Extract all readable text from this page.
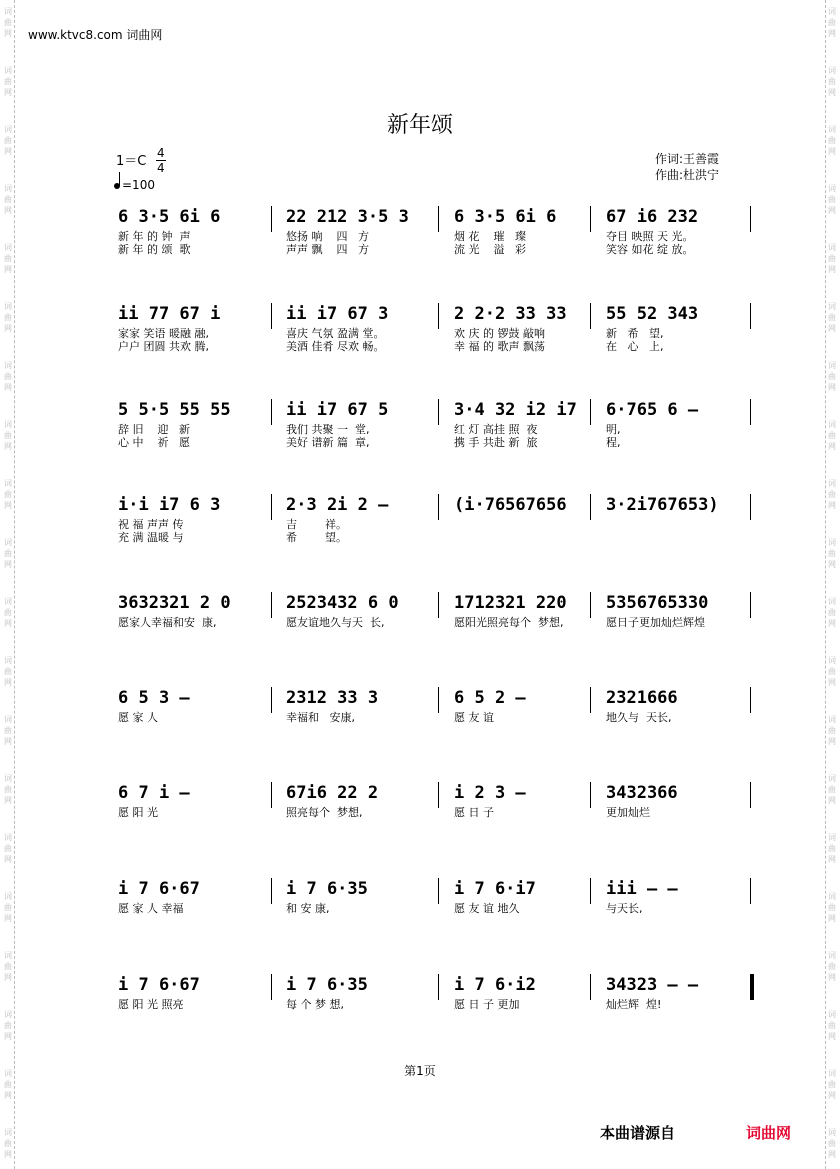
词
曲
网
词
曲
网
词
曲
网
词
曲
网
词
曲
网
词
曲
网
词
曲
网
词
曲
网
词
曲
网
词
曲
网
词
曲
网
词
曲
网
词
曲
网
词
曲
网
词
曲
网
词
曲
网
词
曲
网
词
曲
网
词
曲
网
词
曲
网
词
曲
网
词
曲
网
词
曲
网
词
曲
网
词
曲
网
词
曲
网
词
曲
网
词
曲
网
词
曲
网
词
曲
网
词
曲
网
词
曲
网
词
曲
网
词
曲
网
词
曲
网
词
曲
网
词
曲
网
词
曲
网
词
曲
网
词
曲
网
www.ktvc8.com 词曲网
新年颂
1＝C
4
4
=100
作词:王善霞
作曲:杜洪宁
6 3·5 6i 6
新 年 的 钟  声
新 年 的 颂  歌
22 212 3·5 3
悠扬 响    四   方
声声 飘    四   方
6 3·5 6i 6
烟 花    璀   璨
流 光    溢   彩
67 i6 232
夺目 映照 天 光。
笑容 如花 绽 放。
ii 77 67 i
家家 笑语 暖融 融,
户户 团圆 共欢 腾,
ii i7 67 3
喜庆 气氛 盈满 堂。
美酒 佳肴 尽欢 畅。
2 2·2 33 33
欢 庆 的 锣鼓 敲响
幸 福 的 歌声 飘荡
55 52 343
新   希   望,
在   心   上,
5 5·5 55 55
辞 旧    迎   新
心 中    祈   愿
ii i7 67 5
我们 共聚 一  堂,
美好 谱新 篇  章,
3·4 32 i2 i7
红 灯 高挂 照  夜
携 手 共赴 新  旅
6·765 6 –
明,
程,
i·i i7 6 3
祝 福 声声 传
充 满 温暖 与
2·3 2i 2 –
吉        祥。
希        望。
(i·76567656 3·2i767653)
3632321 2 0
愿家人幸福和安  康,
2523432 6 0
愿友谊地久与天  长,
1712321 220
愿阳光照亮每个  梦想,
5356765330
愿日子更加灿烂辉煌
6 5 3 –
愿 家 人
2312 33 3
幸福和   安康,
6 5 2 –
愿 友 谊
2321666
地久与  天长,
6 7 i –
愿 阳 光
67i6 22 2
照亮每个  梦想,
i 2 3 –
愿 日 子
3432366
更加灿烂
i 7 6·67
愿 家 人 幸福
i 7 6·35
和 安 康,
i 7 6·i7
愿 友 谊 地久
iii – –
与天长,
i 7 6·67
愿 阳 光 照亮
i 7 6·35
每 个 梦 想,
i 7 6·i2
愿 日 子 更加
34323 – –
灿烂辉  煌!
第1页
本曲谱源自	词曲网
